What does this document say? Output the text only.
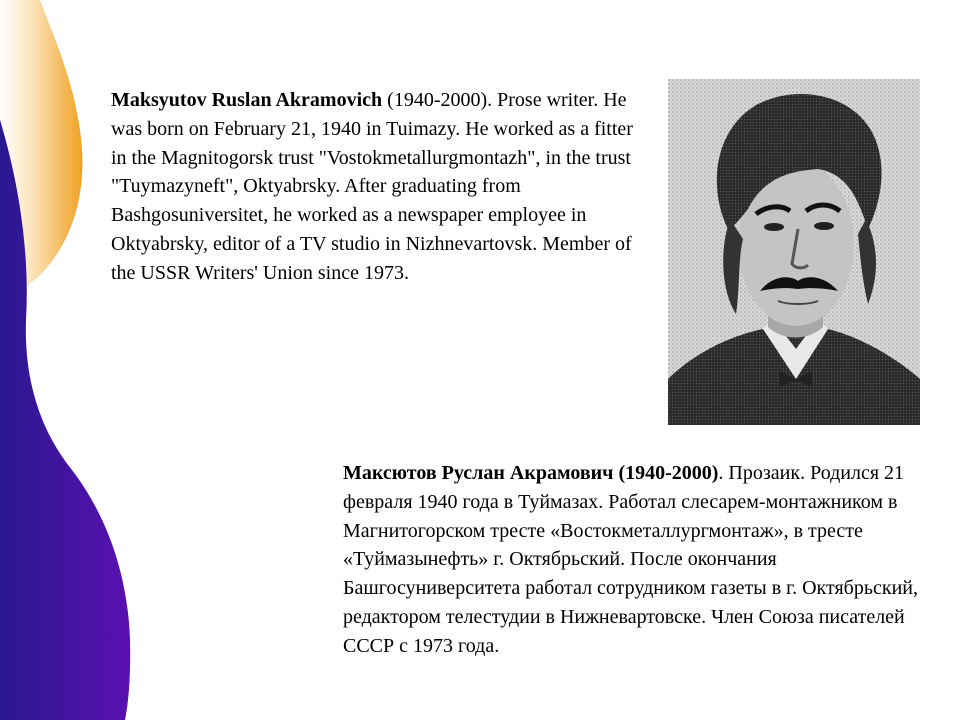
Maksyutov Ruslan Akramovich (1940-2000). Prose writer. He was born on February 21, 1940 in Tuimazy. He worked as a fitter in the Magnitogorsk trust "Vostokmetallurgmontazh", in the trust "Tuymazyneft", Oktyabrsky. After graduating from Bashgosuniversitet, he worked as a newspaper employee in Oktyabrsky, editor of a TV studio in Nizhnevartovsk. Member of the USSR Writers' Union since 1973.
Максютов Руслан Акрамович (1940-2000). Прозаик. Родился 21 февраля 1940 года в Туймазах. Работал слесарем-монтажником в Магнитогорском тресте «Востокметаллургмонтаж», в тресте «Туймазынефть» г. Октябрьский. После окончания Башгосуниверситета работал сотрудником газеты в г. Октябрьский, редактором телестудии в Нижневартовске. Член Союза писателей СССР с 1973 года.
